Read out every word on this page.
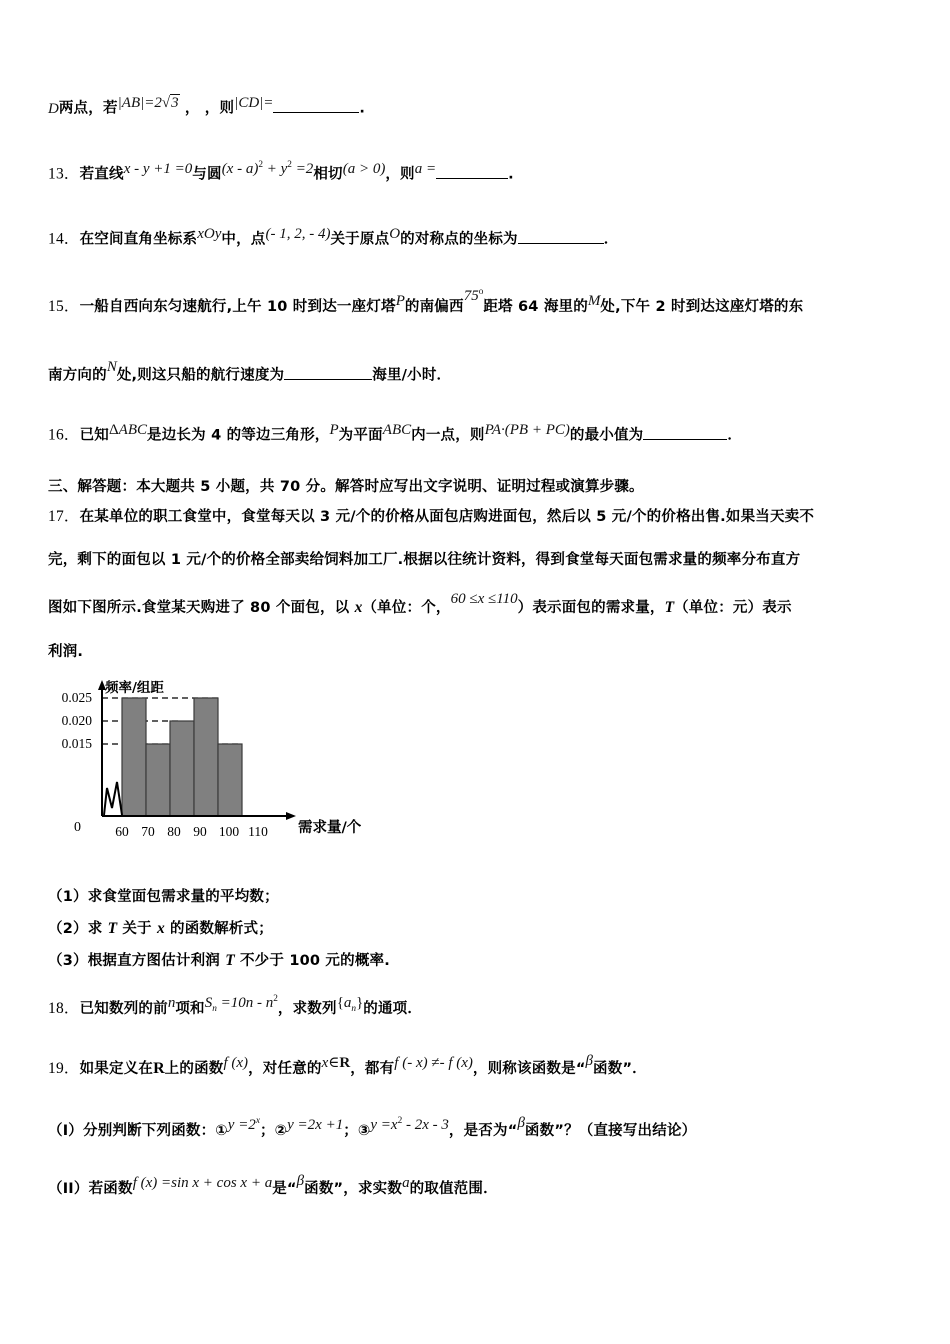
D两点，若|AB|=2√3 ， ，则|CD|=	.
13．若直线x - y +1 =0与圆$(x - a)^2 + y^2 =2$相切(a > 0)，则a =	.
14．在空间直角坐标系xOy中，点(- 1, 2, - 4)关于原点O的对称点的坐标为	．
15．一船自西向东匀速航行,上午 10 时到达一座灯塔P的南偏西75$^o$距塔 64 海里的M处,下午 2 时到达这座灯塔的东
南方向的N处,则这只船的航行速度为	海里/小时．
16．已知ΔABC是边长为 4 的等边三角形，P为平面ABC内一点，则PA·(PB + PC)的最小值为	．
三、解答题：本大题共 5 小题，共 70 分。解答时应写出文字说明、证明过程或演算步骤。
17．在某单位的职工食堂中，食堂每天以 3 元/个的价格从面包店购进面包，然后以 5 元/个的价格出售.如果当天卖不
完，剩下的面包以 1 元/个的价格全部卖给饲料加工厂.根据以往统计资料，得到食堂每天面包需求量的频率分布直方
图如下图所示.食堂某天购进了 80 个面包，以 x（单位：个，60 ≤x ≤110）表示面包的需求量，T（单位：元）表示
利润.
频率/组距
需求量/个
0.025
0.020
0.015
0	60 70 80 90 100 110
（1）求食堂面包需求量的平均数；
（2）求 T 关于 x 的函数解析式；
（3）根据直方图估计利润 T 不少于 100 元的概率.
18．已知数列的前n项和$S_n =10n - n^2$，求数列$\{a_n\}$的通项．
19．如果定义在R上的函数f (x)，对任意的x∈R，都有f (- x) ≠- f (x)，则称该函数是“β函数”．
（I）分别判断下列函数：①y $=2^x$；②y =2x +1；③y $=x^2 - 2x - 3$，是否为“β函数”？（直接写出结论）
（II）若函数f (x) =sin x + cos x + a是“β函数”，求实数a的取值范围．
